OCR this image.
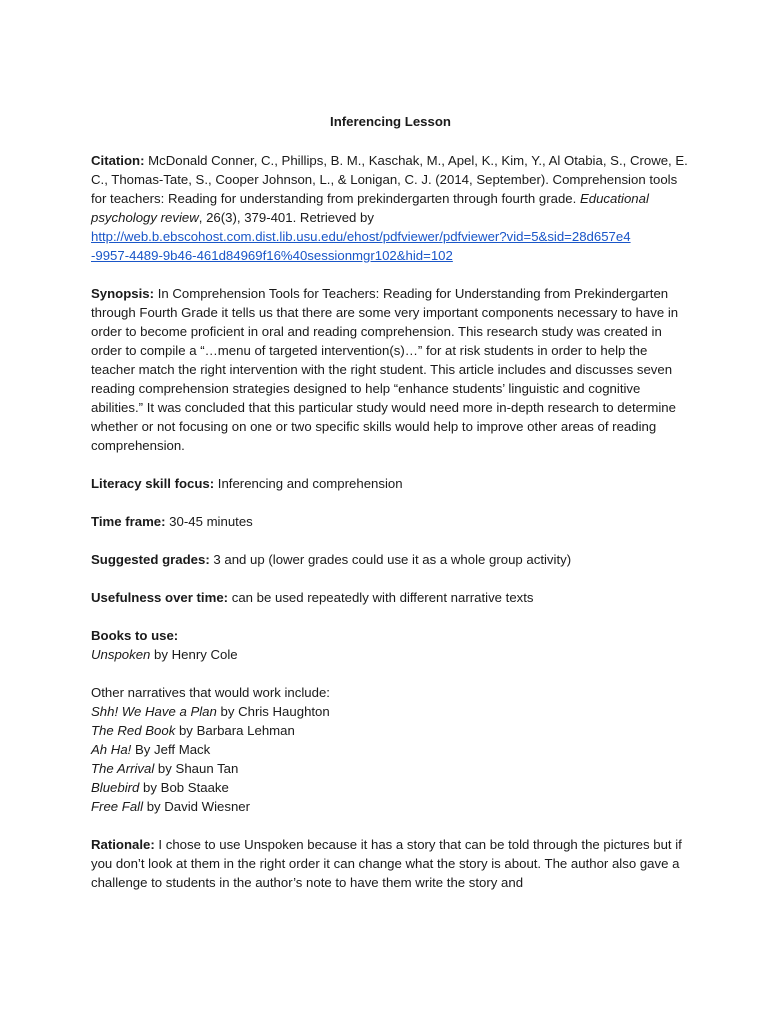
Inferencing Lesson

Citation: McDonald Conner, C., Phillips, B. M., Kaschak, M., Apel, K., Kim, Y., Al Otabia, S., Crowe, E. C., Thomas-Tate, S., Cooper Johnson, L., & Lonigan, C. J. (2014, September). Comprehension tools for teachers: Reading for understanding from prekindergarten through fourth grade. Educational psychology review, 26(3), 379-401. Retrieved by
http://web.b.ebscohost.com.dist.lib.usu.edu/ehost/pdfviewer/pdfviewer?vid=5&sid=28d657e4
-9957-4489-9b46-461d84969f16%40sessionmgr102&hid=102

Synopsis: In Comprehension Tools for Teachers: Reading for Understanding from Prekindergarten through Fourth Grade it tells us that there are some very important components necessary to have in order to become proficient in oral and reading comprehension. This research study was created in order to compile a “…menu of targeted intervention(s)…” for at risk students in order to help the teacher match the right intervention with the right student. This article includes and discusses seven reading comprehension strategies designed to help “enhance students’ linguistic and cognitive abilities.” It was concluded that this particular study would need more in-depth research to determine whether or not focusing on one or two specific skills would help to improve other areas of reading comprehension.

Literacy skill focus: Inferencing and comprehension

Time frame: 30-45 minutes

Suggested grades: 3 and up (lower grades could use it as a whole group activity)

Usefulness over time: can be used repeatedly with different narrative texts

Books to use:
Unspoken by Henry Cole

Other narratives that would work include:
Shh! We Have a Plan by Chris Haughton
The Red Book by Barbara Lehman
Ah Ha! By Jeff Mack
The Arrival by Shaun Tan
Bluebird by Bob Staake
Free Fall by David Wiesner

Rationale: I chose to use Unspoken because it has a story that can be told through the pictures but if you don’t look at them in the right order it can change what the story is about. The author also gave a challenge to students in the author’s note to have them write the story and
